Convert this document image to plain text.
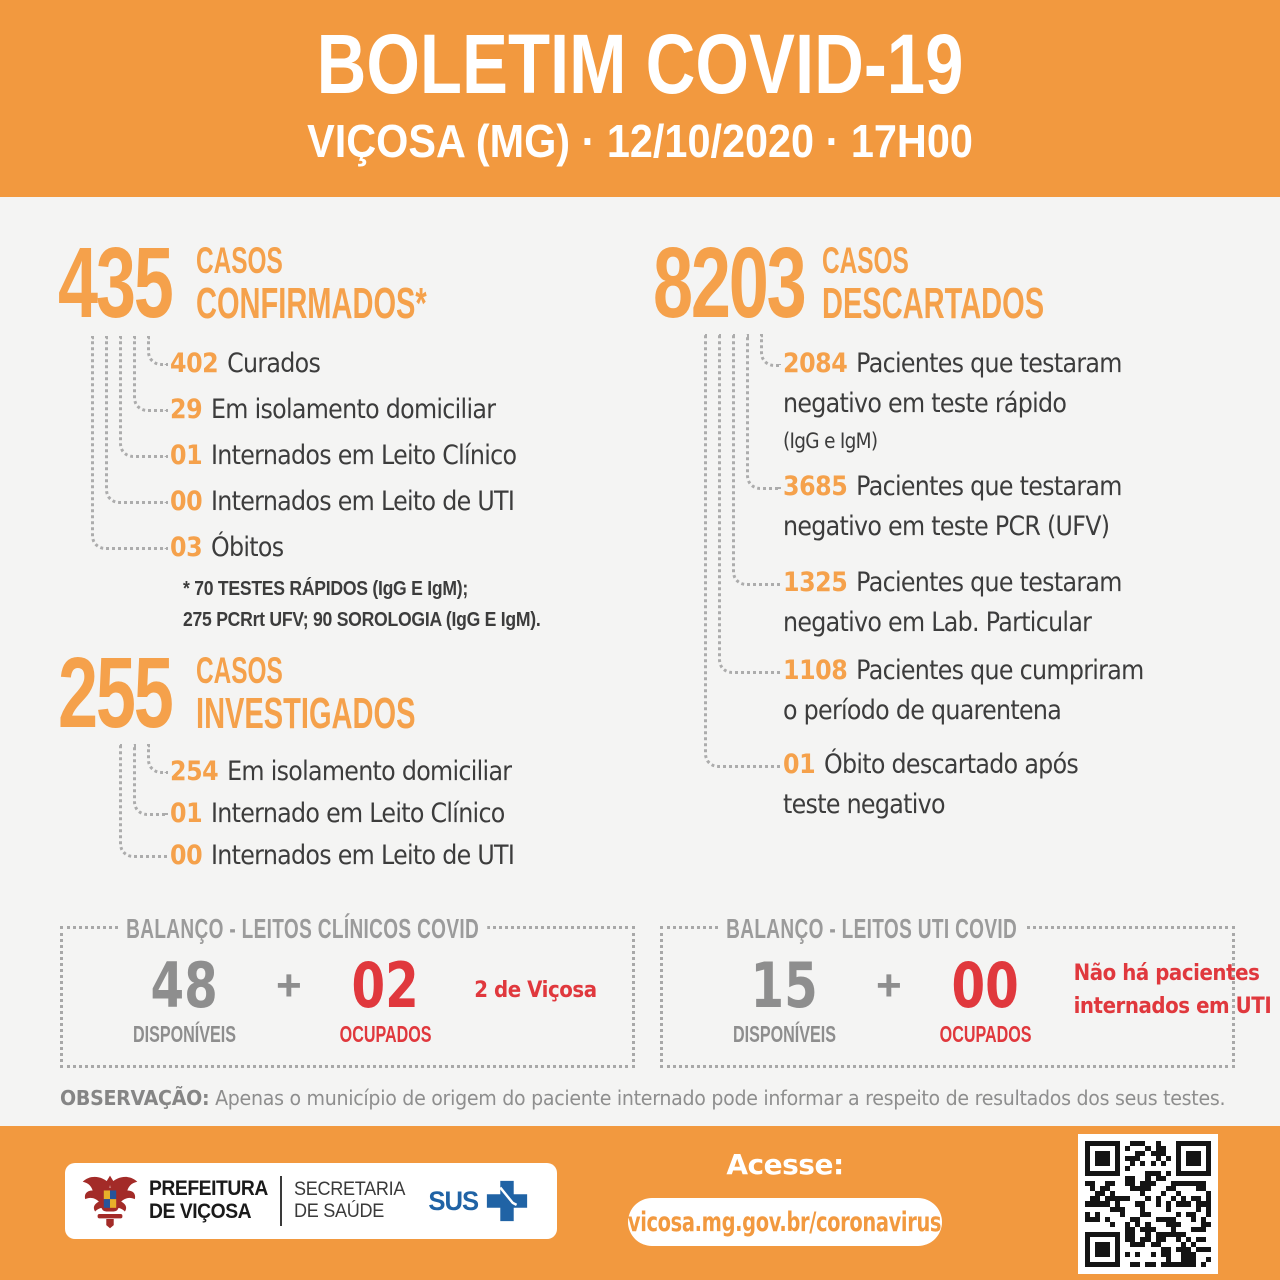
BOLETIM COVID-19
VIÇOSA (MG) · 12/10/2020 · 17H00
435 CASOS
CONFIRMADOS*
402 Curados
29 Em isolamento domiciliar
01 Internados em Leito Clínico
00 Internados em Leito de UTI
03 Óbitos
* 70 TESTES RÁPIDOS (IgG E IgM);
275 PCRrt UFV; 90 SOROLOGIA (IgG E IgM).
255 CASOS
INVESTIGADOS
254 Em isolamento domiciliar
01 Internado em Leito Clínico
00 Internados em Leito de UTI
8203 CASOS
DESCARTADOS
2084 Pacientes que testaram
negativo em teste rápido
(IgG e IgM)
3685 Pacientes que testaram
negativo em teste PCR (UFV)
1325 Pacientes que testaram
negativo em Lab. Particular
1108 Pacientes que cumpriram
o período de quarentena
01 Óbito descartado após
teste negativo
BALANÇO - LEITOS CLÍNICOS COVID
48
DISPONÍVEIS
+ 02
OCUPADOS
2 de Viçosa
BALANÇO - LEITOS UTI COVID
15
DISPONÍVEIS
+ 00
OCUPADOS
Não há pacientes
internados em UTI
OBSERVAÇÃO: Apenas o município de origem do paciente internado pode informar a respeito de resultados dos seus testes.
PREFEITURA
DE VIÇOSA
SECRETARIA
DE SAÚDE	SUS
Acesse:
vicosa.mg.gov.br/coronavirus
